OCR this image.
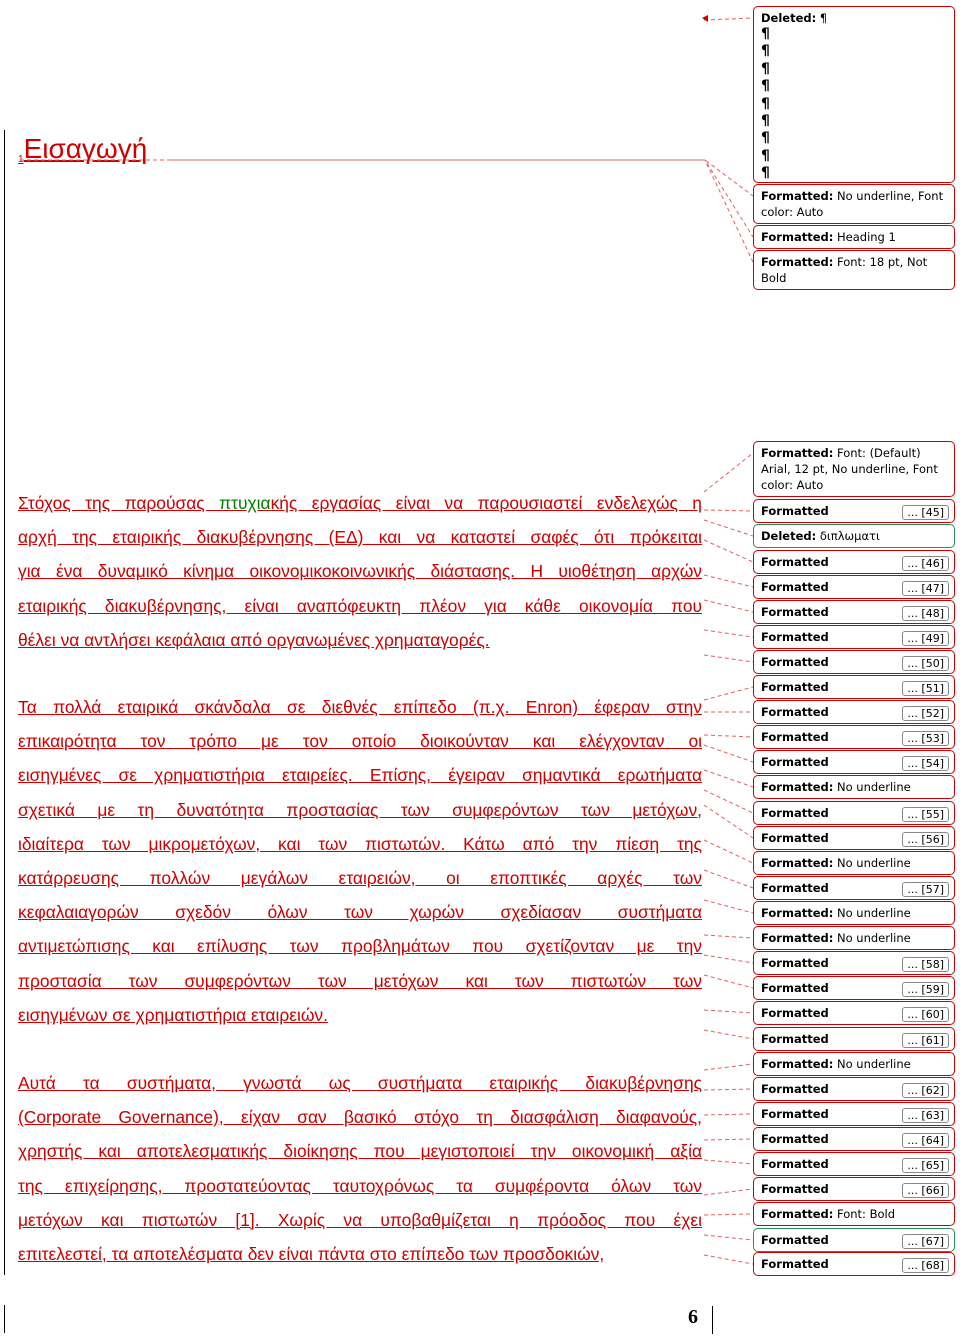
$_1$Εισαγωγή
Στόχος της παρούσας πτυχιακής εργασίας είναι να παρουσιαστεί ενδελεχώς η
αρχή της εταιρικής διακυβέρνησης (ΕΔ) και να καταστεί σαφές ότι πρόκειται
για ένα δυναμικό κίνημα οικονομικοκοινωνικής διάστασης. Η υιοθέτηση αρχών
εταιρικής διακυβέρνησης, είναι αναπόφευκτη πλέον για κάθε οικονομία που
θέλει να αντλήσει κεφάλαια από οργανωμένες χρηματαγορές.
Τα πολλά εταιρικά σκάνδαλα σε διεθνές επίπεδο (π.χ. Enron) έφεραν στην
επικαιρότητα τον τρόπο με τον οποίο διοικούνταν και ελέγχονταν οι
εισηγμένες σε χρηματιστήρια εταιρείες. Επίσης, έγειραν σημαντικά ερωτήματα
σχετικά με τη δυνατότητα προστασίας των συμφερόντων των μετόχων,
ιδιαίτερα των μικρομετόχων, και των πιστωτών. Κάτω από την πίεση της
κατάρρευσης πολλών μεγάλων εταιρειών, οι εποπτικές αρχές των
κεφαλαιαγορών σχεδόν όλων των χωρών σχεδίασαν συστήματα
αντιμετώπισης και επίλυσης των προβλημάτων που σχετίζονταν με την
προστασία των συμφερόντων των μετόχων και των πιστωτών των
εισηγμένων σε χρηματιστήρια εταιρειών.
Αυτά τα συστήματα, γνωστά ως συστήματα εταιρικής διακυβέρνησης
(Corporate Governance), είχαν σαν βασικό στόχο τη διασφάλιση διαφανούς,
χρηστής και αποτελεσματικής διοίκησης που μεγιστοποιεί την οικονομική αξία
της επιχείρησης, προστατεύοντας ταυτοχρόνως τα συμφέροντα όλων των
μετόχων και πιστωτών [1]. Χωρίς να υποβαθμίζεται η πρόοδος που έχει
επιτελεστεί, τα αποτελέσματα δεν είναι πάντα στο επίπεδο των προσδοκιών,
Deleted: ¶
¶
¶
¶
¶
¶
¶
¶
¶
¶
Formatted: No underline, Font color: Auto
Formatted: Heading 1
Formatted: Font: 18 pt, Not Bold
Formatted: Font: (Default) Arial, 12 pt, No underline, Font color: Auto
Formatted	... [45]
Deleted: διπλωματι
Formatted	... [46]
Formatted	... [47]
Formatted	... [48]
Formatted	... [49]
Formatted	... [50]
Formatted	... [51]
Formatted	... [52]
Formatted	... [53]
Formatted	... [54]
Formatted: No underline
Formatted	... [55]
Formatted	... [56]
Formatted: No underline
Formatted	... [57]
Formatted: No underline
Formatted: No underline
Formatted	... [58]
Formatted	... [59]
Formatted	... [60]
Formatted	... [61]
Formatted: No underline
Formatted	... [62]
Formatted	... [63]
Formatted	... [64]
Formatted	... [65]
Formatted	... [66]
Formatted: Font: Bold
Formatted	... [67]
Formatted	... [68]
6
